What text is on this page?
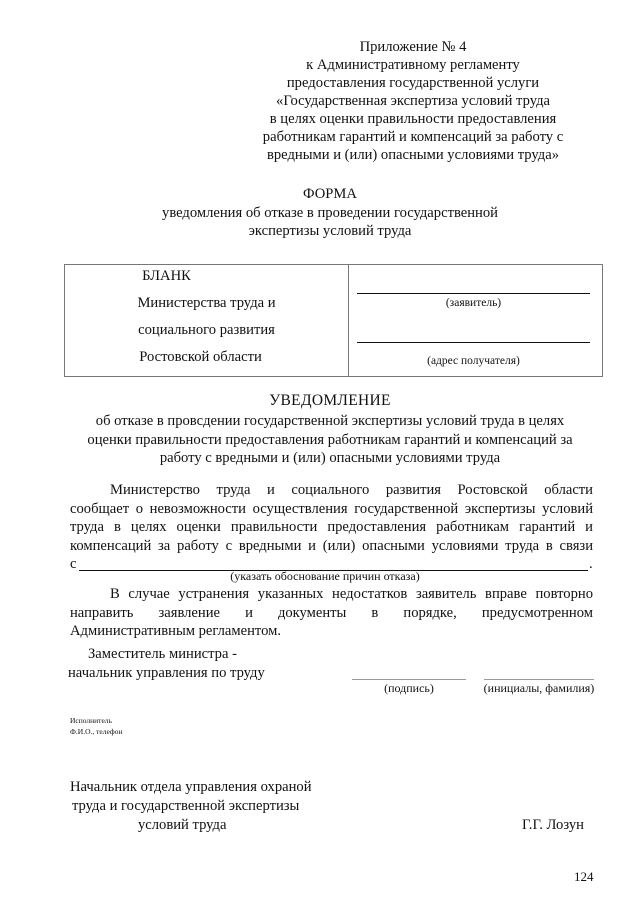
Приложение № 4
к Административному регламенту
предоставления государственной услуги
«Государственная экспертиза условий труда
в целях оценки правильности предоставления
работникам гарантий и компенсаций за работу с
вредными и (или) опасными условиями труда»
ФОРМА
уведомления об отказе в проведении государственной
экспертизы условий труда
БЛАНК
Министерства труда и
социального развития
Ростовской области
(заявитель)
(адрес получателя)
УВЕДОМЛЕНИЕ
об отказе в провсдении государственной экспертизы условий труда в целях
оценки правильности предоставления работникам гарантий и компенсаций за
работу с вредными и (или) опасными условиями труда
Министерство труда и социального развития Ростовской области
сообщает о невозможности осуществления государственной экспертизы условий
труда в целях оценки правильности предоставления работникам гарантий и
компенсаций за работу с вредными и (или) опасными условиями труда в связи
с	.
(указать обоснование причин отказа)
В случае устранения указанных недостатков заявитель вправе повторно
направить заявление и документы в порядке, предусмотренном
Административным регламентом.
Заместитель министра -
начальник управления по труду
(подпись)	(инициалы, фамилия)
Исполнитель
Ф.И.О., телефон
Начальник отдела управления охраной
труда и государственной экспертизы
условий труда	Г.Г. Лозун
124
